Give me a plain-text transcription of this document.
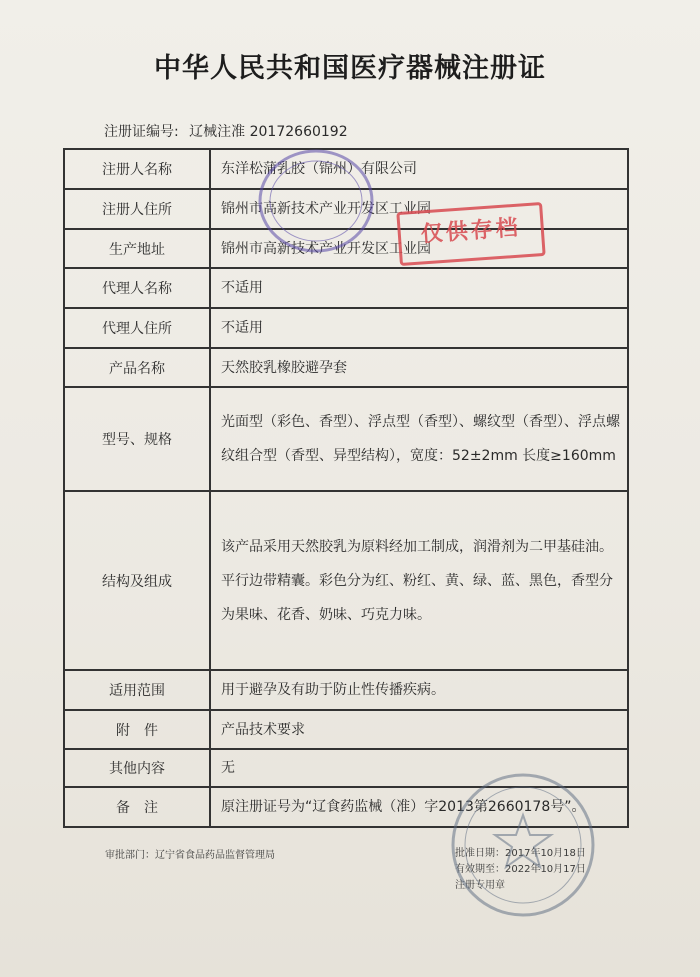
中华人民共和国医疗器械注册证
注册证编号: 辽械注准 20172660192
注册人名称	东洋松蒲乳胶（锦州）有限公司
注册人住所	锦州市高新技术产业开发区工业园
生产地址	锦州市高新技术产业开发区工业园
代理人名称	不适用
代理人住所	不适用
产品名称	天然胶乳橡胶避孕套
型号、规格	光面型（彩色、香型）、浮点型（香型）、螺纹型（香型）、浮点螺纹组合型（香型、异型结构），宽度：52±2mm 长度≥160mm
结构及组成	该产品采用天然胶乳为原料经加工制成，润滑剂为二甲基硅油。平行边带精囊。彩色分为红、粉红、黄、绿、蓝、黑色，香型分为果味、花香、奶味、巧克力味。
适用范围	用于避孕及有助于防止性传播疾病。
附　件	产品技术要求
其他内容	无
备　注	原注册证号为“辽食药监械（准）字2013第2660178号”。
审批部门：辽宁省食品药品监督管理局	批准日期：2017年10月18日
有效期至：2022年10月17日
注册专用章
仅供存档
